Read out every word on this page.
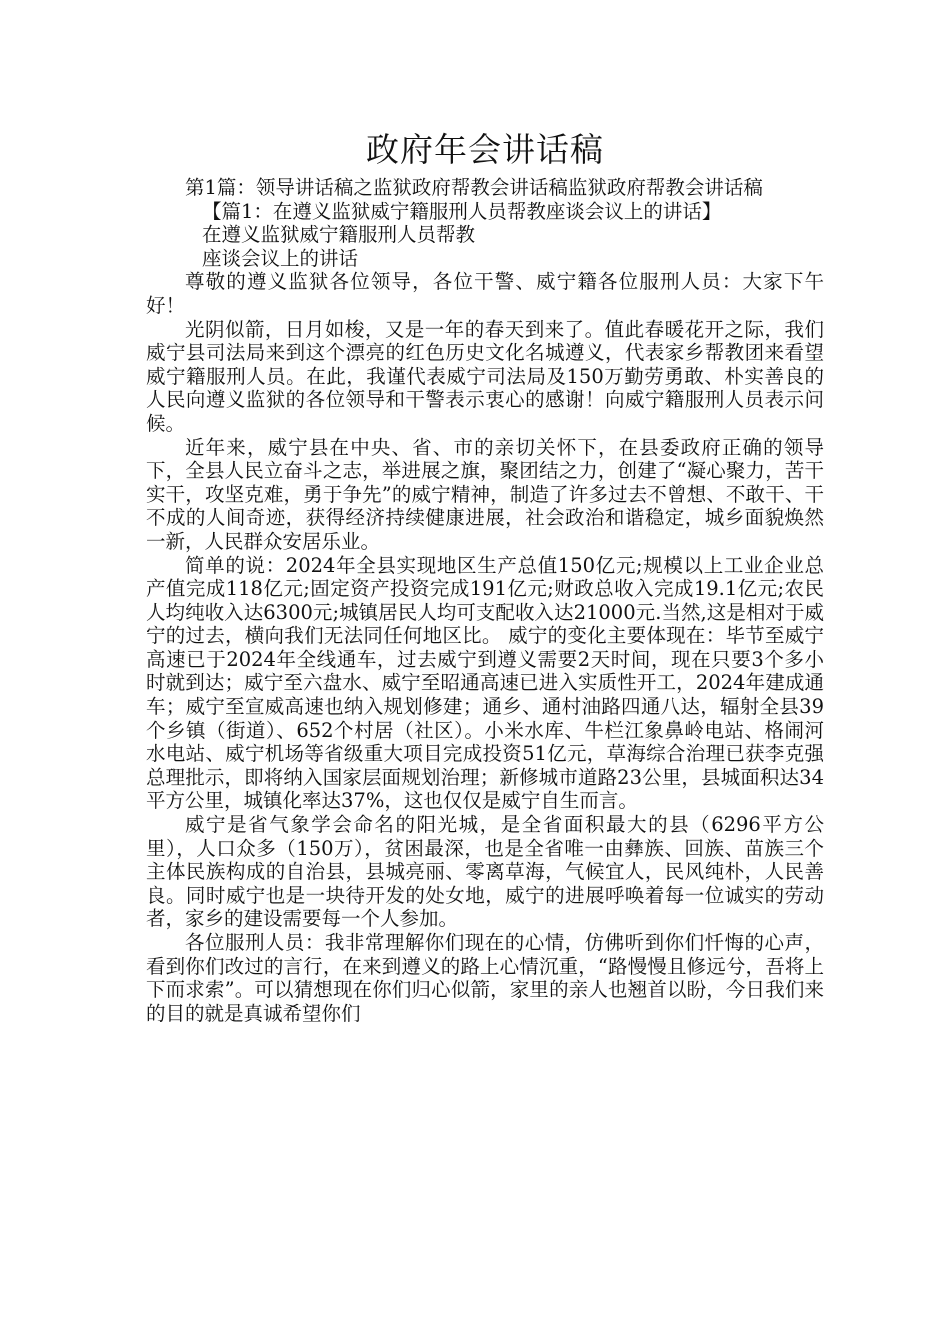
政府年会讲话稿

第1篇：领导讲话稿之监狱政府帮教会讲话稿监狱政府帮教会讲话稿

【篇1：在遵义监狱威宁籍服刑人员帮教座谈会议上的讲话】

在遵义监狱威宁籍服刑人员帮教

座谈会议上的讲话

尊敬的遵义监狱各位领导，各位干警、威宁籍各位服刑人员：大家下午好！

光阴似箭，日月如梭，又是一年的春天到来了。值此春暖花开之际，我们威宁县司法局来到这个漂亮的红色历史文化名城遵义，代表家乡帮教团来看望威宁籍服刑人员。在此，我谨代表威宁司法局及150万勤劳勇敢、朴实善良的人民向遵义监狱的各位领导和干警表示衷心的感谢！向威宁籍服刑人员表示问候。

近年来，威宁县在中央、省、市的亲切关怀下，在县委政府正确的领导下，全县人民立奋斗之志，举进展之旗，聚团结之力，创建了“凝心聚力，苦干实干，攻坚克难，勇于争先”的威宁精神，制造了许多过去不曾想、不敢干、干不成的人间奇迹，获得经济持续健康进展，社会政治和谐稳定，城乡面貌焕然一新，人民群众安居乐业。

简单的说：2024年全县实现地区生产总值150亿元;规模以上工业企业总产值完成118亿元;固定资产投资完成191亿元;财政总收入完成19.1亿元;农民人均纯收入达6300元;城镇居民人均可支配收入达21000元.当然,这是相对于威宁的过去，横向我们无法同任何地区比。 威宁的变化主要体现在：毕节至威宁高速已于2024年全线通车，过去威宁到遵义需要2天时间，现在只要3个多小时就到达；威宁至六盘水、威宁至昭通高速已进入实质性开工，2024年建成通车；威宁至宣威高速也纳入规划修建；通乡、通村油路四通八达，辐射全县39个乡镇（街道）、652个村居（社区）。小米水库、牛栏江象鼻岭电站、格闹河水电站、威宁机场等省级重大项目完成投资51亿元，草海综合治理已获李克强总理批示，即将纳入国家层面规划治理；新修城市道路23公里，县城面积达34平方公里，城镇化率达37%，这也仅仅是威宁自生而言。

威宁是省气象学会命名的阳光城，是全省面积最大的县（6296平方公里），人口众多（150万），贫困最深，也是全省唯一由彝族、回族、苗族三个主体民族构成的自治县，县城亮丽、零离草海，气候宜人，民风纯朴，人民善良。同时威宁也是一块待开发的处女地，威宁的进展呼唤着每一位诚实的劳动者，家乡的建设需要每一个人参加。

各位服刑人员：我非常理解你们现在的心情，仿佛听到你们忏悔的心声，看到你们改过的言行，在来到遵义的路上心情沉重，“路慢慢且修远兮，吾将上下而求索”。可以猜想现在你们归心似箭，家里的亲人也翘首以盼，今日我们来的目的就是真诚希望你们
